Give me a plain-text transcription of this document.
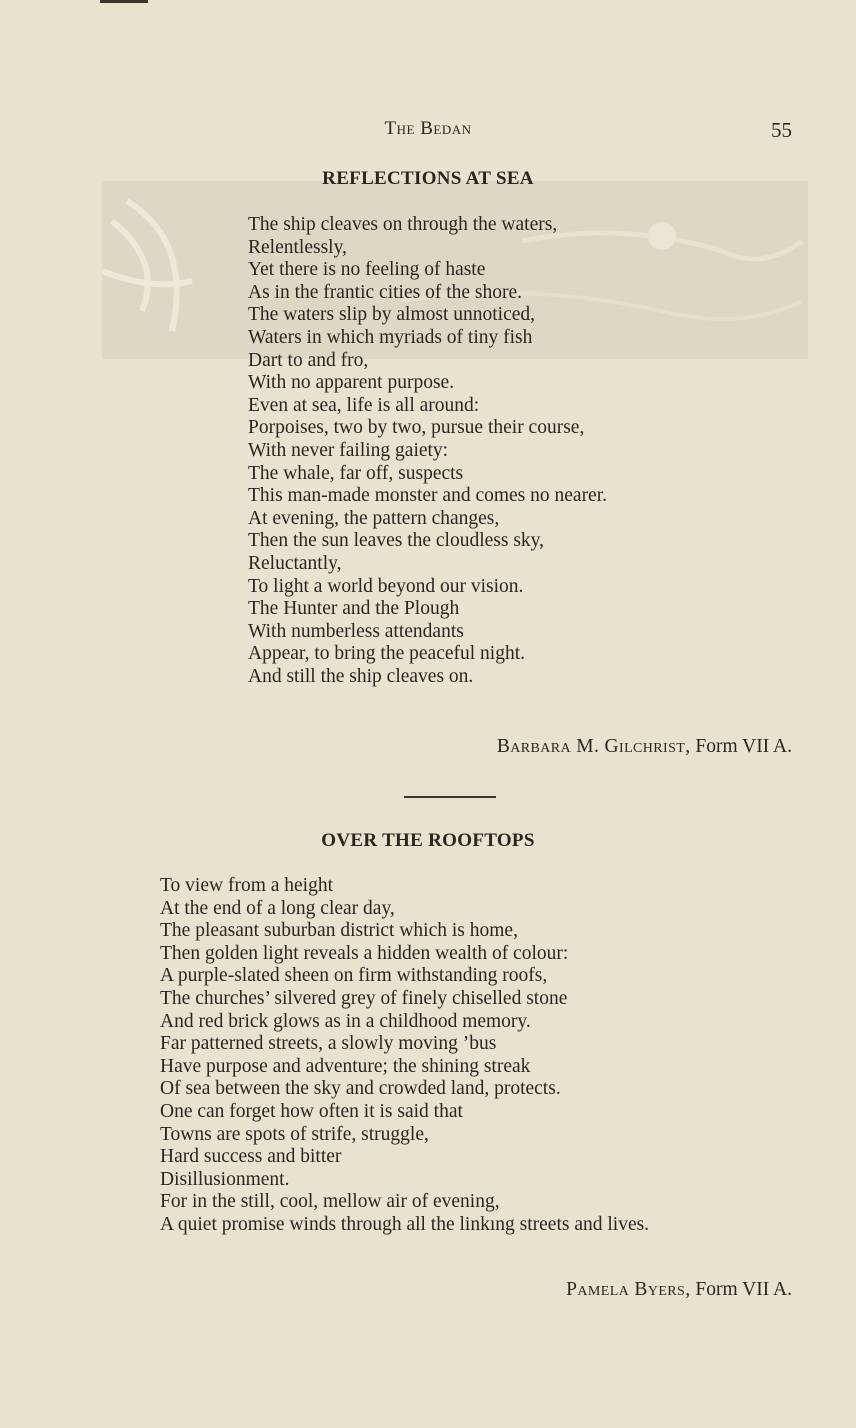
The Bedan	55
REFLECTIONS AT SEA
The ship cleaves on through the waters,
Relentlessly,
Yet there is no feeling of haste
As in the frantic cities of the shore.
The waters slip by almost unnoticed,
Waters in which myriads of tiny fish
Dart to and fro,
With no apparent purpose.
Even at sea, life is all around:
Porpoises, two by two, pursue their course,
With never failing gaiety:
The whale, far off, suspects
This man-made monster and comes no nearer.
At evening, the pattern changes,
Then the sun leaves the cloudless sky,
Reluctantly,
To light a world beyond our vision.
The Hunter and the Plough
With numberless attendants
Appear, to bring the peaceful night.
And still the ship cleaves on.
Barbara M. Gilchrist, Form VII A.
OVER THE ROOFTOPS
To view from a height
At the end of a long clear day,
The pleasant suburban district which is home,
Then golden light reveals a hidden wealth of colour:
A purple-slated sheen on firm withstanding roofs,
The churches’ silvered grey of finely chiselled stone
And red brick glows as in a childhood memory.
Far patterned streets, a slowly moving ’bus
Have purpose and adventure; the shining streak
Of sea between the sky and crowded land, protects.
One can forget how often it is said that
Towns are spots of strife, struggle,
Hard success and bitter
Disillusionment.
For in the still, cool, mellow air of evening,
A quiet promise winds through all the linkıng streets and lives.
Pamela Byers, Form VII A.
